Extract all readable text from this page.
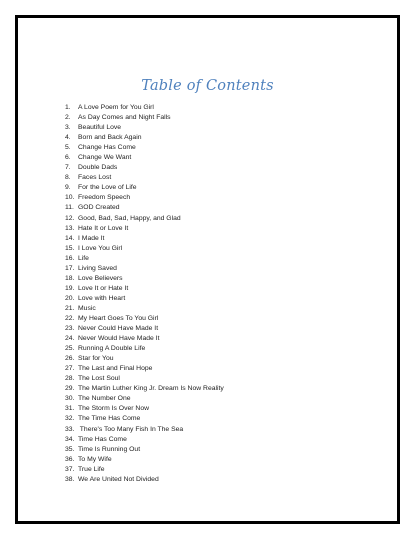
Table of Contents
1. A Love Poem for You Girl
2. As Day Comes and Night Falls
3. Beautiful Love
4. Born and Back Again
5. Change Has Come
6. Change We Want
7. Double Dads
8. Faces Lost
9. For the Love of Life
10. Freedom Speech
11. GOD Created
12. Good, Bad, Sad, Happy, and Glad
13. Hate It or Love It
14. I Made It
15. I Love You Girl
16. Life
17. Living Saved
18. Love Believers
19. Love It or Hate It
20. Love with Heart
21. Music
22. My Heart Goes To You Girl
23. Never Could Have Made It
24. Never Would Have Made It
25. Running A Double Life
26. Star for You
27. The Last and Final Hope
28. The Lost Soul
29. The Martin Luther King Jr. Dream Is Now Reality
30. The Number One
31. The Storm Is Over Now
32. The Time Has Come
33. There's Too Many Fish In The Sea
34. Time Has Come
35. Time Is Running Out
36. To My Wife
37. True Life
38. We Are United Not Divided
